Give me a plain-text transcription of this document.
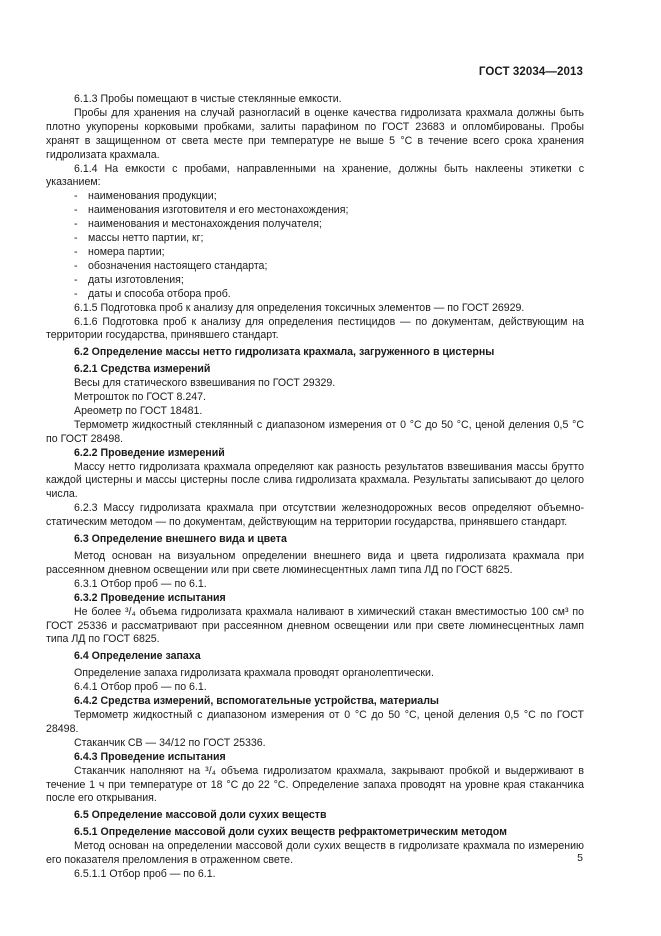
ГОСТ 32034—2013
6.1.3 Пробы помещают в чистые стеклянные емкости.
Пробы для хранения на случай разногласий в оценке качества гидролизата крахмала должны быть плотно укупорены корковыми пробками, залиты парафином по ГОСТ 23683 и опломбированы. Пробы хранят в защищенном от света месте при температуре не выше 5 °С в течение всего срока хранения гидролизата крахмала.
6.1.4 На емкости с пробами, направленными на хранение, должны быть наклеены этикетки с указанием:
- наименования продукции;
- наименования изготовителя и его местонахождения;
- наименования и местонахождения получателя;
- массы нетто партии, кг;
- номера партии;
- обозначения настоящего стандарта;
- даты изготовления;
- даты и способа отбора проб.
6.1.5 Подготовка проб к анализу для определения токсичных элементов — по ГОСТ 26929.
6.1.6 Подготовка проб к анализу для определения пестицидов — по документам, действующим на территории государства, принявшего стандарт.
6.2 Определение массы нетто гидролизата крахмала, загруженного в цистерны
6.2.1 Средства измерений
Весы для статического взвешивания по ГОСТ 29329.
Метрошток по ГОСТ 8.247.
Ареометр по ГОСТ 18481.
Термометр жидкостный стеклянный с диапазоном измерения от 0 °С до 50 °С, ценой деления 0,5 °С по ГОСТ 28498.
6.2.2 Проведение измерений
Массу нетто гидролизата крахмала определяют как разность результатов взвешивания массы брутто каждой цистерны и массы цистерны после слива гидролизата крахмала. Результаты записывают до целого числа.
6.2.3 Массу гидролизата крахмала при отсутствии железнодорожных весов определяют объемно-статическим методом — по документам, действующим на территории государства, принявшего стандарт.
6.3 Определение внешнего вида и цвета
Метод основан на визуальном определении внешнего вида и цвета гидролизата крахмала при рассеянном дневном освещении или при свете люминесцентных ламп типа ЛД по ГОСТ 6825.
6.3.1 Отбор проб — по 6.1.
6.3.2 Проведение испытания
Не более ³/₄ объема гидролизата крахмала наливают в химический стакан вместимостью 100 см³ по ГОСТ 25336 и рассматривают при рассеянном дневном освещении или при свете люминесцентных ламп типа ЛД по ГОСТ 6825.
6.4 Определение запаха
Определение запаха гидролизата крахмала проводят органолептически.
6.4.1 Отбор проб — по 6.1.
6.4.2 Средства измерений, вспомогательные устройства, материалы
Термометр жидкостный с диапазоном измерения от 0 °С до 50 °С, ценой деления 0,5 °С по ГОСТ 28498.
Стаканчик СВ — 34/12 по ГОСТ 25336.
6.4.3 Проведение испытания
Стаканчик наполняют на ³/₄ объема гидролизатом крахмала, закрывают пробкой и выдерживают в течение 1 ч при температуре от 18 °С до 22 °С. Определение запаха проводят на уровне края стаканчика после его открывания.
6.5 Определение массовой доли сухих веществ
6.5.1 Определение массовой доли сухих веществ рефрактометрическим методом
Метод основан на определении массовой доли сухих веществ в гидролизате крахмала по измерению его показателя преломления в отраженном свете.
6.5.1.1 Отбор проб — по 6.1.
5
